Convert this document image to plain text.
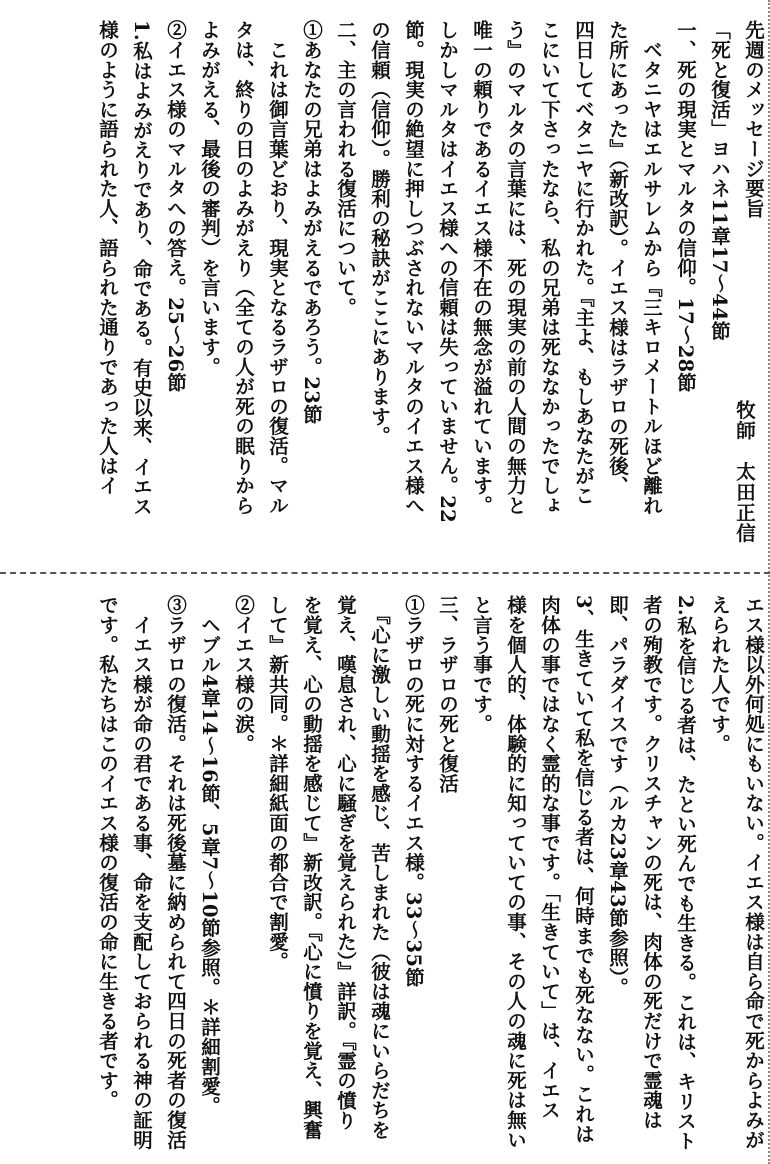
先週のメッセージ要旨
「死と復活」ヨハネ11章17～44節
一、死の現実とマルタの信仰。17～28節
　ベタニヤはエルサレムから『三キロメートルほど離れ
た所にあった』（新改訳）。イエス様はラザロの死後、
四日してベタニヤに行かれた。『主よ、もしあなたがこ
こにいて下さったなら、私の兄弟は死ななかったでしょ
う』のマルタの言葉には、死の現実の前の人間の無力と
唯一の頼りであるイエス様不在の無念が溢れています。
しかしマルタはイエス様への信頼は失っていません。22
節。現実の絶望に押しつぶされないマルタのイエス様へ
の信頼（信仰）。勝利の秘訣がここにあります。
二、主の言われる復活について。
①あなたの兄弟はよみがえるであろう。23節
　これは御言葉どおり、現実となるラザロの復活。マル
タは、終りの日のよみがえり（全ての人が死の眠りから
よみがえる、最後の審判）を言います。
②イエス様のマルタへの答え。25～26節
1.私はよみがえりであり、命である。有史以来、イエス
様のように語られた人、語られた通りであった人はイ	牧師　太田正信
エス様以外何処にもいない。イエス様は自ら命で死からよみが
えられた人です。
2.私を信じる者は、たとい死んでも生きる。これは、キリスト
者の殉教です。クリスチャンの死は、肉体の死だけで霊魂は
即、パラダイスです（ルカ23章43節参照）。
3、生きていて私を信じる者は、何時までも死なない。これは
肉体の事ではなく霊的な事です。「生きていて」は、イエス
様を個人的、体験的に知っていての事、その人の魂に死は無い
と言う事です。
三、ラザロの死と復活
①ラザロの死に対するイエス様。33～35節
　『心に激しい動揺を感じ、苦しまれた（彼は魂にいらだちを
覚え、嘆息され、心に騒ぎを覚えられた）』詳訳。『霊の憤り
を覚え、心の動揺を感じて』新改訳。『心に憤りを覚え、興奮
して』新共同。＊詳細紙面の都合で割愛。
②イエス様の涙。
　ヘブル4章14～16節、5章7～10節参照。＊詳細割愛。
③ラザロの復活。それは死後墓に納められて四日の死者の復活
　イエス様が命の君である事、命を支配しておられる神の証明
です。私たちはこのイエス様の復活の命に生きる者です。
